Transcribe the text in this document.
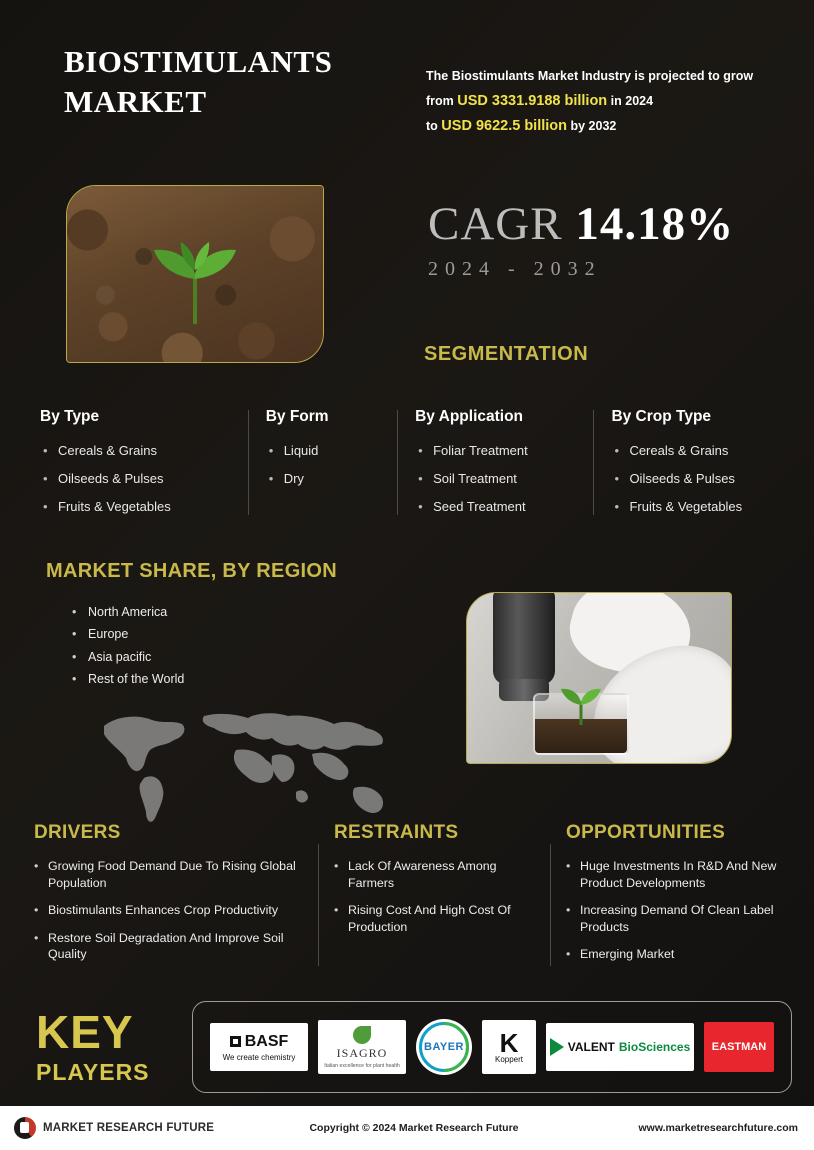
BIOSTIMULANTS MARKET
The Biostimulants Market Industry is projected to grow
from USD 3331.9188 billion in 2024
to USD 9622.5 billion by 2032
CAGR 14.18%
2024 - 2032
SEGMENTATION
By Type
• Cereals & Grains
• Oilseeds & Pulses
• Fruits & Vegetables
By Form
• Liquid
• Dry
By Application
• Foliar Treatment
• Soil Treatment
• Seed Treatment
By Crop Type
• Cereals & Grains
• Oilseeds & Pulses
• Fruits & Vegetables
MARKET SHARE, BY REGION
• North America
• Europe
• Asia pacific
• Rest of the World
DRIVERS
• Growing Food Demand Due To Rising Global Population
• Biostimulants Enhances Crop Productivity
• Restore Soil Degradation And Improve Soil Quality
RESTRAINTS
• Lack Of Awareness Among Farmers
• Rising Cost And High Cost Of Production
OPPORTUNITIES
• Huge Investments In R&D And New Product Developments
• Increasing Demand Of Clean Label Products
• Emerging Market
KEY
PLAYERS
BASF
We create chemistry	ISAGRO
Italian excellence for plant health
BAYER	K
Koppert
VALENT BioSciences EASTMAN
MARKET RESEARCH FUTURE	Copyright © 2024 Market Research Future	www.marketresearchfuture.com
